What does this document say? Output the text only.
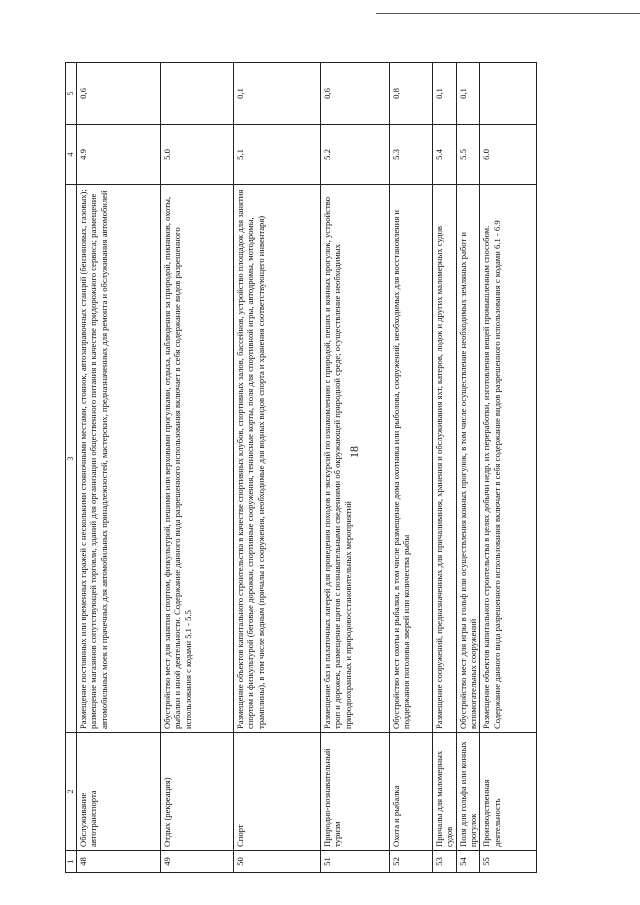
18
1	2	3	4	5
48	Обслуживание автотранспорта	Размещение постоянных или временных гаражей с несколькими стояночными местами, стоянок, автозаправочных станций (бензиновых, газовых); размещение магазинов сопутствующей торговли, зданий для организации общественного питания в качестве придорожного сервиса; размещение автомобильных моек и прачечных для автомобильных принадлежностей, мастерских, предназначенных для ремонта и обслуживания автомобилей	4.9	0,6
49	Отдых (рекреация)	Обустройство мест для занятия спортом, физкультурой, пешими или верховыми прогулками, отдыха, наблюдения за природой, пикников, охоты, рыбалки и иной деятельности. Содержание данного вида разрешенного использования включает в себя содержание видов разрешенного использования с кодами 5.1 - 5.5	5.0	
50	Спорт	Размещение объектов капитального строительства в качестве спортивных клубов, спортивных залов, бассейнов, устройство площадок для занятия спортом и физкультурой (беговые дорожки, спортивные сооружения, теннисные корты, поля для спортивной игры, автодромы, мотодромы, трамплины), в том числе водным (причалы и сооружения, необходимые для водных видов спорта и хранения соответствующего инвентаря)	5.1	0,1
51	Природно-познавательный туризм	Размещение баз и палаточных лагерей для проведения походов и экскурсий по ознакомлению с природой, пеших и конных прогулок, устройство троп и дорожек, размещение щитов с познавательными сведениями об окружающей природной среде; осуществление необходимых природоохранных и природовосстановительных мероприятий	5.2	0,6
52	Охота и рыбалка	Обустройство мест охоты и рыбалки, в том числе размещение дома охотника или рыболова, сооружений, необходимых для восстановления и поддержания поголовья зверей или количества рыбы	5.3	0,8
53	Причалы для маломерных судов	Размещение сооружений, предназначенных для причаливания, хранения и обслуживания яхт, катеров, лодок и других маломерных судов	5.4	0,1
54	Поля для гольфа или конных прогулок	Обустройство мест для игры в гольф или осуществления конных прогулок, в том числе осуществление необходимых земляных работ и вспомогательных сооружений	5.5	0,1
55	Производственная деятельность	Размещение объектов капитального строительства в целях добычи недр, их переработки, изготовления вещей промышленным способом. Содержание данного вида разрешенного использования включает в себя содержание видов разрешенного использования с кодами 6.1 - 6.9	6.0	
